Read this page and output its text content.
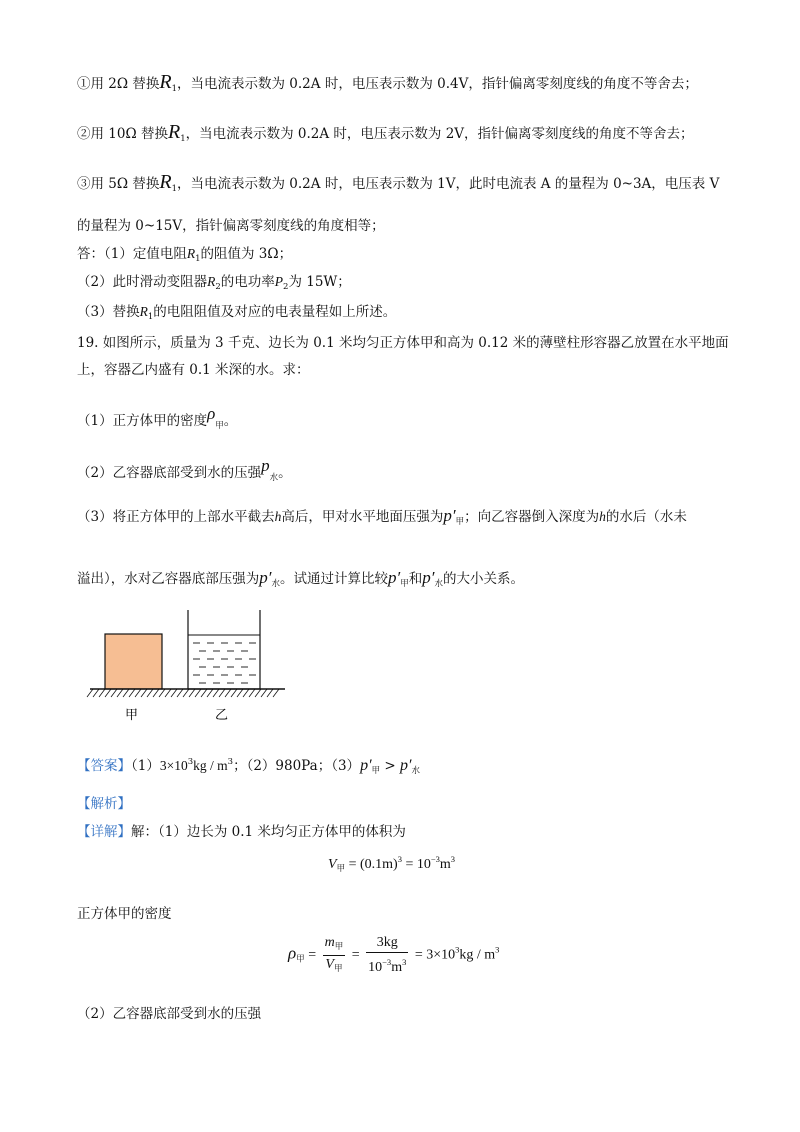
①用 2Ω 替换$R_1$，当电流表示数为 0.2A 时，电压表示数为 0.4V，指针偏离零刻度线的角度不等舍去；
②用 10Ω 替换$R_1$，当电流表示数为 0.2A 时，电压表示数为 2V，指针偏离零刻度线的角度不等舍去；
③用 5Ω 替换$R_1$，当电流表示数为 0.2A 时，电压表示数为 1V，此时电流表 A 的量程为 0~3A，电压表 V
的量程为 0~15V，指针偏离零刻度线的角度相等；
答：（1）定值电阻$R_1$的阻值为 3Ω；
（2）此时滑动变阻器$R_2$的电功率$P_2$为 15W；
（3）替换$R_1$的电阻阻值及对应的电表量程如上所述。
19. 如图所示，质量为 3 千克、边长为 0.1 米均匀正方体甲和高为 0.12 米的薄壁柱形容器乙放置在水平地面
上，容器乙内盛有 0.1 米深的水。求：
（1）正方体甲的密度$\rho_甲$。
（2）乙容器底部受到水的压强$p_水$。
（3）将正方体甲的上部水平截去h高后，甲对水平地面压强为$p'_甲$；向乙容器倒入深度为h的水后（水未
溢出），水对乙容器底部压强为$p'_水$。试通过计算比较$p'_甲$和$p'_水$的大小关系。
甲	乙
【答案】$(1)3\times 10^3kg / m^3$；（2）980Pa；$(3)p'_甲 > p'_水$
【解析】
【详解】解：（1）边长为 0.1 米均匀正方体甲的体积为
$V_甲 = (0.1m)^3 = 10^{-3}m^3$
正方体甲的密度
$\rho_甲 = \frac{m_甲}{V_甲} = \frac{3kg}{10^{-3}m^3} = 3\times 10^3kg / m^3$
（2）乙容器底部受到水的压强
